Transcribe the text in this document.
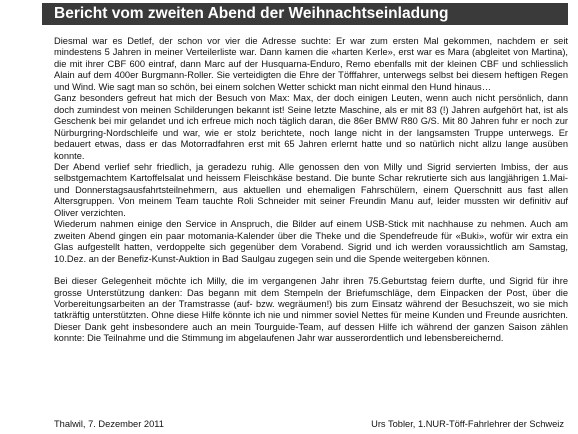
Bericht vom zweiten Abend der Weihnachtseinladung

Diesmal war es Detlef, der schon vor vier die Adresse suchte: Er war zum ersten Mal gekommen, nachdem er seit mindestens 5 Jahren in meiner Verteilerliste war. Dann kamen die «harten Kerle», erst war es Mara (abgleitet von Martina), die mit ihrer CBF 600 eintraf, dann Marc auf der Husquarna-Enduro, Remo ebenfalls mit der kleinen CBF und schliesslich Alain auf dem 400er Burgmann-Roller. Sie verteidigten die Ehre der Töfffahrer, unterwegs selbst bei diesem heftigen Regen und Wind. Wie sagt man so schön, bei einem solchen Wetter schickt man nicht einmal den Hund hinaus…

Ganz besonders gefreut hat mich der Besuch von Max: Max, der doch einigen Leuten, wenn auch nicht persönlich, dann doch zumindest von meinen Schilderungen bekannt ist! Seine letzte Maschine, als er mit 83 (!) Jahren aufgehört hat, ist als Geschenk bei mir gelandet und ich erfreue mich noch täglich daran, die 86er BMW R80 G/S. Mit 80 Jahren fuhr er noch zur Nürburgring-Nordschleife und war, wie er stolz berichtete, noch lange nicht in der langsamsten Truppe unterwegs. Er bedauert etwas, dass er das Motorradfahren erst mit 65 Jahren erlernt hatte und so natürlich nicht allzu lange ausüben konnte.

Der Abend verlief sehr friedlich, ja geradezu ruhig. Alle genossen den von Milly und Sigrid servierten Imbiss, der aus selbstgemachtem Kartoffelsalat und heissem Fleischkäse bestand. Die bunte Schar rekrutierte sich aus langjährigen 1.Mai- und Donnerstagsausfahrtsteilnehmern, aus aktuellen und ehemaligen Fahrschülern, einem Querschnitt aus fast allen Altersgruppen. Von meinem Team tauchte Roli Schneider mit seiner Freundin Manu auf, leider mussten wir definitiv auf Oliver verzichten.

Wiederum nahmen einige den Service in Anspruch, die Bilder auf einem USB-Stick mit nachhause zu nehmen. Auch am zweiten Abend gingen ein paar motomania-Kalender über die Theke und die Spendefreude für «Buki», wofür wir extra ein Glas aufgestellt hatten, verdoppelte sich gegenüber dem Vorabend. Sigrid und ich werden voraussichtlich am Samstag, 10.Dez. an der Benefiz-Kunst-Auktion in Bad Saulgau zugegen sein und die Spende weitergeben können.

Bei dieser Gelegenheit möchte ich Milly, die im vergangenen Jahr ihren 75.Geburtstag feiern durfte, und Sigrid für ihre grosse Unterstützung danken: Das begann mit dem Stempeln der Briefumschläge, dem Einpacken der Post, über die Vorbereitungsarbeiten an der Tramstrasse (auf- bzw. wegräumen!) bis zum Einsatz während der Besuchszeit, wo sie mich tatkräftig unterstützten. Ohne diese Hilfe könnte ich nie und nimmer soviel Nettes für meine Kunden und Freunde ausrichten. Dieser Dank geht insbesondere auch an mein Tourguide-Team, auf dessen Hilfe ich während der ganzen Saison zählen konnte: Die Teilnahme und die Stimmung im abgelaufenen Jahr war ausserordentlich und lebensbereichernd.

Thalwil, 7. Dezember 2011	Urs Tobler, 1.NUR-Töff-Fahrlehrer der Schweiz
